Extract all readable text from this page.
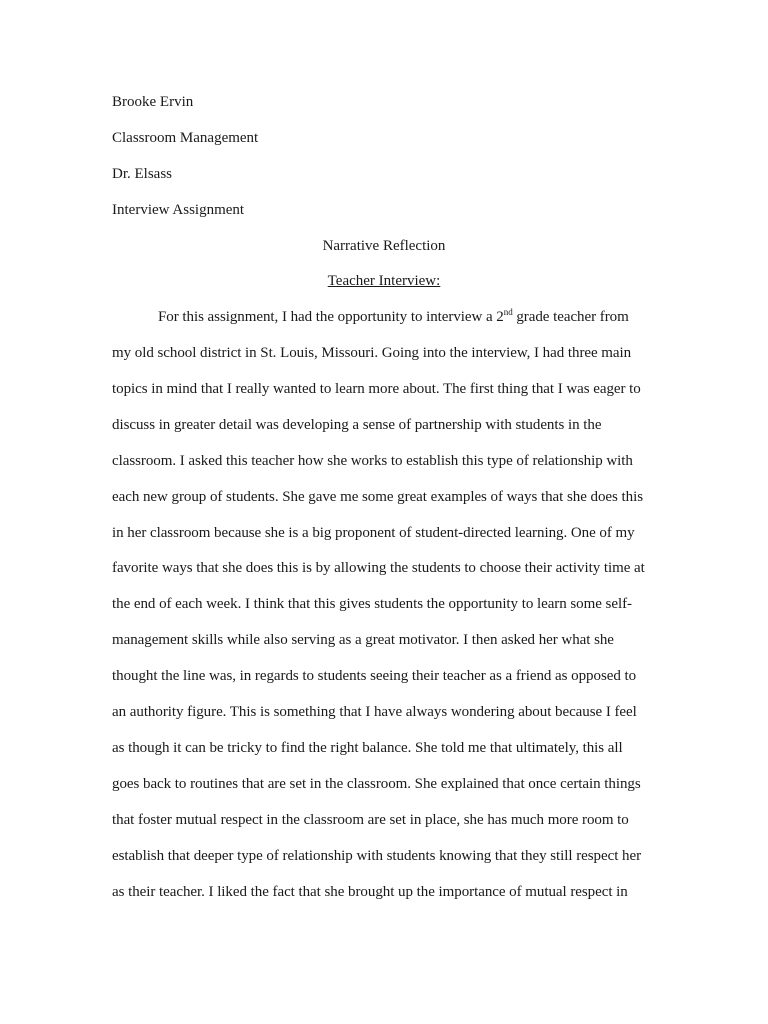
Brooke Ervin
Classroom Management
Dr. Elsass
Interview Assignment
Narrative Reflection
Teacher Interview:
For this assignment, I had the opportunity to interview a 2nd grade teacher from
my old school district in St. Louis, Missouri. Going into the interview, I had three main
topics in mind that I really wanted to learn more about. The first thing that I was eager to
discuss in greater detail was developing a sense of partnership with students in the
classroom. I asked this teacher how she works to establish this type of relationship with
each new group of students. She gave me some great examples of ways that she does this
in her classroom because she is a big proponent of student-directed learning. One of my
favorite ways that she does this is by allowing the students to choose their activity time at
the end of each week. I think that this gives students the opportunity to learn some self-
management skills while also serving as a great motivator. I then asked her what she
thought the line was, in regards to students seeing their teacher as a friend as opposed to
an authority figure. This is something that I have always wondering about because I feel
as though it can be tricky to find the right balance. She told me that ultimately, this all
goes back to routines that are set in the classroom. She explained that once certain things
that foster mutual respect in the classroom are set in place, she has much more room to
establish that deeper type of relationship with students knowing that they still respect her
as their teacher. I liked the fact that she brought up the importance of mutual respect in
